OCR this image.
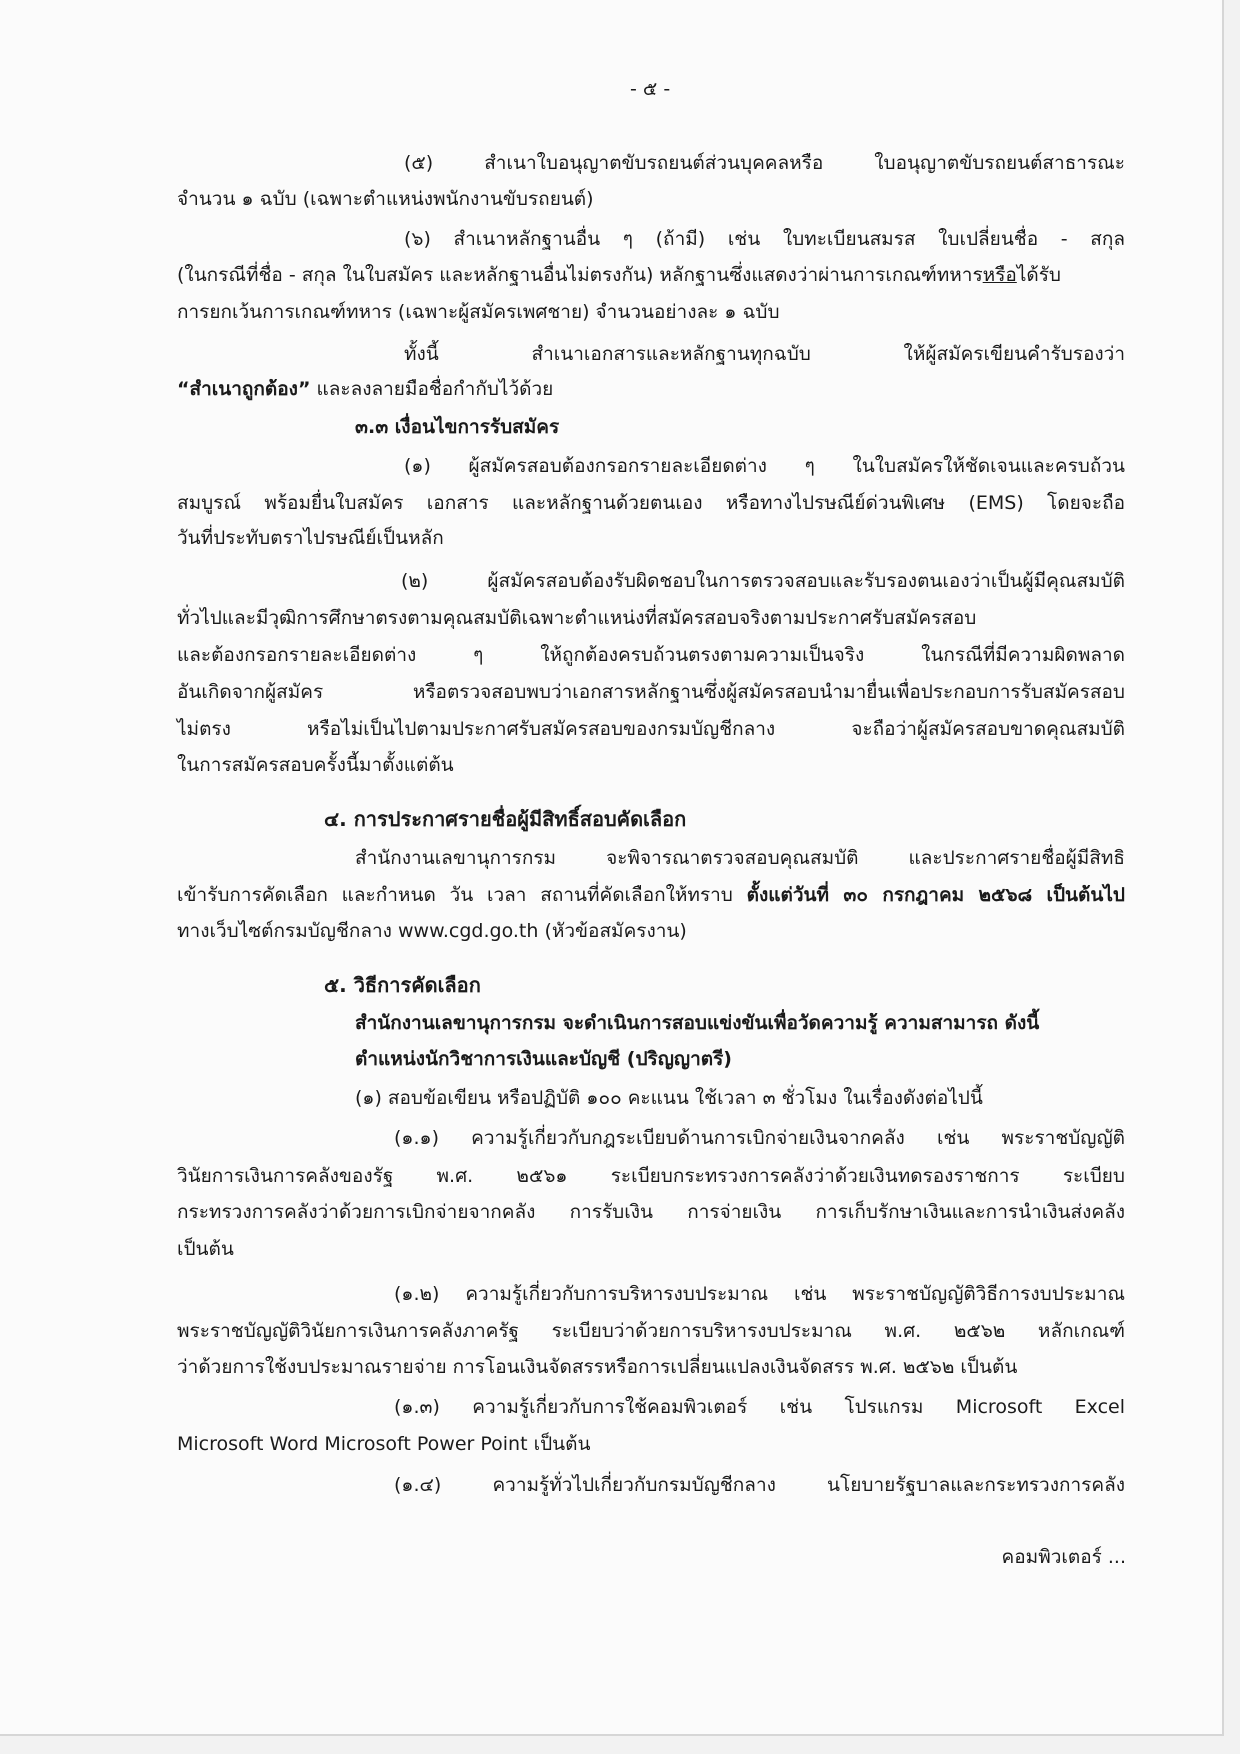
- ๕ -
(๕) สำเนาใบอนุญาตขับรถยนต์ส่วนบุคคลหรือ ใบอนุญาตขับรถยนต์สาธารณะ
จำนวน ๑ ฉบับ (เฉพาะตำแหน่งพนักงานขับรถยนต์)
(๖) สำเนาหลักฐานอื่น ๆ (ถ้ามี) เช่น ใบทะเบียนสมรส ใบเปลี่ยนชื่อ - สกุล
(ในกรณีที่ชื่อ - สกุล ในใบสมัคร และหลักฐานอื่นไม่ตรงกัน) หลักฐานซึ่งแสดงว่าผ่านการเกณฑ์ทหารหรือได้รับ
การยกเว้นการเกณฑ์ทหาร (เฉพาะผู้สมัครเพศชาย) จำนวนอย่างละ ๑ ฉบับ
ทั้งนี้ สำเนาเอกสารและหลักฐานทุกฉบับ ให้ผู้สมัครเขียนคำรับรองว่า
“สำเนาถูกต้อง” และลงลายมือชื่อกำกับไว้ด้วย
๓.๓ เงื่อนไขการรับสมัคร
(๑) ผู้สมัครสอบต้องกรอกรายละเอียดต่าง ๆ ในใบสมัครให้ชัดเจนและครบถ้วน
สมบูรณ์ พร้อมยื่นใบสมัคร เอกสาร และหลักฐานด้วยตนเอง หรือทางไปรษณีย์ด่วนพิเศษ (EMS) โดยจะถือ
วันที่ประทับตราไปรษณีย์เป็นหลัก
(๒) ผู้สมัครสอบต้องรับผิดชอบในการตรวจสอบและรับรองตนเองว่าเป็นผู้มีคุณสมบัติ
ทั่วไปและมีวุฒิการศึกษาตรงตามคุณสมบัติเฉพาะตำแหน่งที่สมัครสอบจริงตามประกาศรับสมัครสอบ
และต้องกรอกรายละเอียดต่าง ๆ ให้ถูกต้องครบถ้วนตรงตามความเป็นจริง ในกรณีที่มีความผิดพลาด
อันเกิดจากผู้สมัคร หรือตรวจสอบพบว่าเอกสารหลักฐานซึ่งผู้สมัครสอบนำมายื่นเพื่อประกอบการรับสมัครสอบ
ไม่ตรง หรือไม่เป็นไปตามประกาศรับสมัครสอบของกรมบัญชีกลาง จะถือว่าผู้สมัครสอบขาดคุณสมบัติ
ในการสมัครสอบครั้งนี้มาตั้งแต่ต้น
๔. การประกาศรายชื่อผู้มีสิทธิ์สอบคัดเลือก
สำนักงานเลขานุการกรม จะพิจารณาตรวจสอบคุณสมบัติ และประกาศรายชื่อผู้มีสิทธิ
เข้ารับการคัดเลือก และกำหนด วัน เวลา สถานที่คัดเลือกให้ทราบ ตั้งแต่วันที่ ๓๐ กรกฎาคม ๒๕๖๘ เป็นต้นไป
ทางเว็บไซต์กรมบัญชีกลาง www.cgd.go.th (หัวข้อสมัครงาน)
๕. วิธีการคัดเลือก
สำนักงานเลขานุการกรม จะดำเนินการสอบแข่งขันเพื่อวัดความรู้ ความสามารถ ดังนี้
ตำแหน่งนักวิชาการเงินและบัญชี (ปริญญาตรี)
(๑) สอบข้อเขียน หรือปฏิบัติ ๑๐๐ คะแนน ใช้เวลา ๓ ชั่วโมง ในเรื่องดังต่อไปนี้
(๑.๑) ความรู้เกี่ยวกับกฎระเบียบด้านการเบิกจ่ายเงินจากคลัง เช่น พระราชบัญญัติ
วินัยการเงินการคลังของรัฐ พ.ศ. ๒๕๖๑ ระเบียบกระทรวงการคลังว่าด้วยเงินทดรองราชการ ระเบียบ
กระทรวงการคลังว่าด้วยการเบิกจ่ายจากคลัง การรับเงิน การจ่ายเงิน การเก็บรักษาเงินและการนำเงินส่งคลัง
เป็นต้น
(๑.๒) ความรู้เกี่ยวกับการบริหารงบประมาณ เช่น พระราชบัญญัติวิธีการงบประมาณ
พระราชบัญญัติวินัยการเงินการคลังภาครัฐ ระเบียบว่าด้วยการบริหารงบประมาณ พ.ศ. ๒๕๖๒ หลักเกณฑ์
ว่าด้วยการใช้งบประมาณรายจ่าย การโอนเงินจัดสรรหรือการเปลี่ยนแปลงเงินจัดสรร พ.ศ. ๒๕๖๒ เป็นต้น
(๑.๓) ความรู้เกี่ยวกับการใช้คอมพิวเตอร์ เช่น โปรแกรม Microsoft Excel
Microsoft Word Microsoft Power Point เป็นต้น
(๑.๔) ความรู้ทั่วไปเกี่ยวกับกรมบัญชีกลาง นโยบายรัฐบาลและกระทรวงการคลัง
คอมพิวเตอร์ ...
